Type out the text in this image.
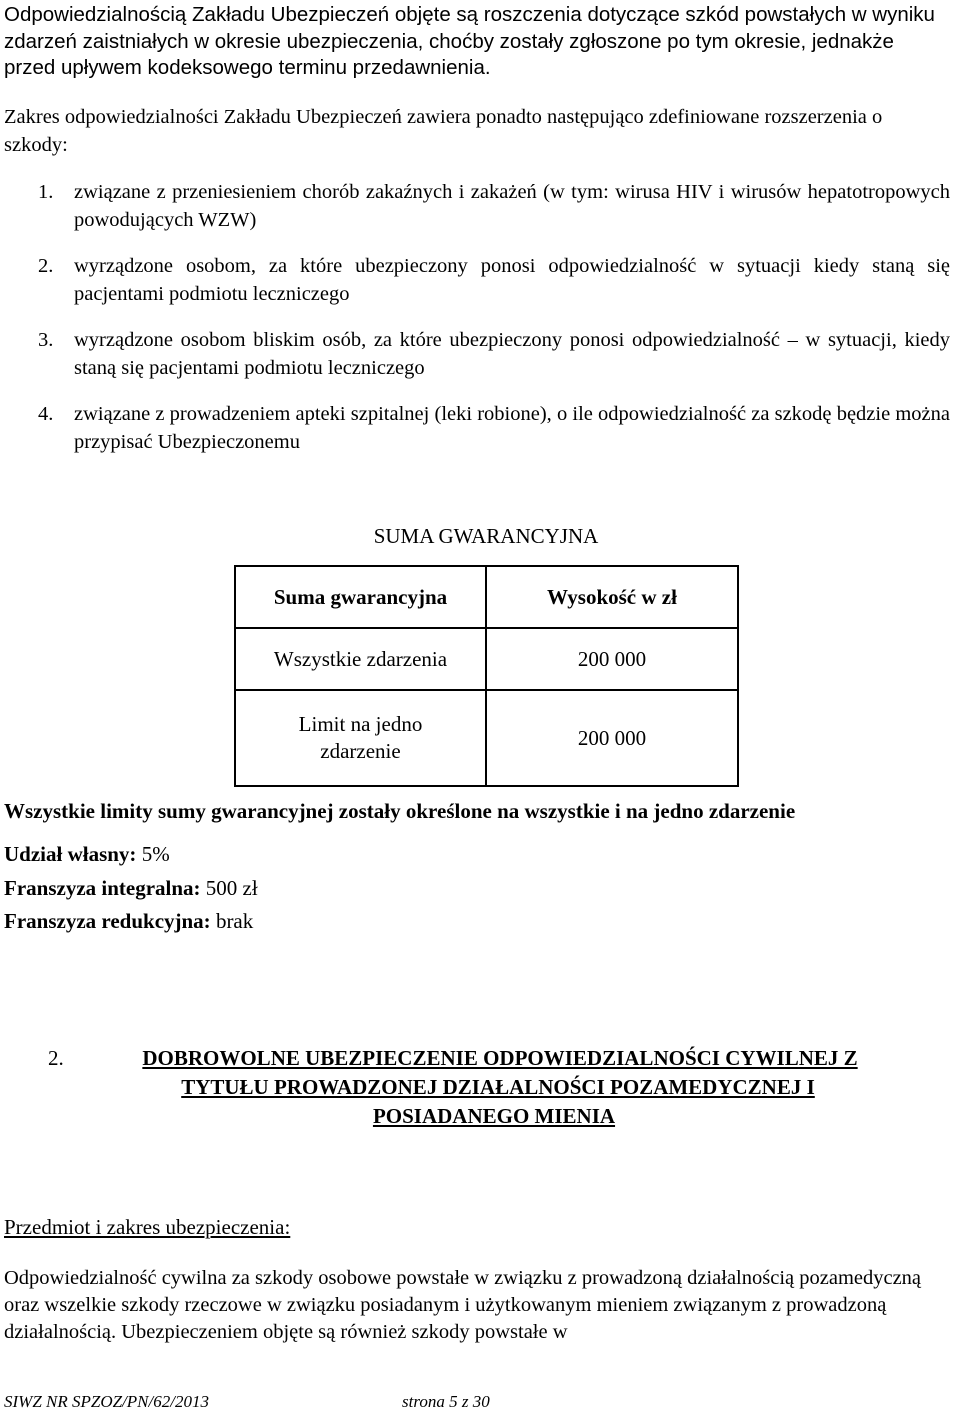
Odpowiedzialnością Zakładu Ubezpieczeń objęte są roszczenia dotyczące szkód powstałych w wyniku zdarzeń zaistniałych w okresie ubezpieczenia, choćby zostały zgłoszone po tym okresie, jednakże przed upływem kodeksowego terminu przedawnienia.
Zakres odpowiedzialności Zakładu Ubezpieczeń zawiera ponadto następująco zdefiniowane rozszerzenia o szkody:
1. związane z przeniesieniem chorób zakaźnych i zakażeń (w tym: wirusa HIV i wirusów hepatotropowych powodujących WZW)
2. wyrządzone osobom, za które ubezpieczony ponosi odpowiedzialność w sytuacji kiedy staną się pacjentami podmiotu leczniczego
3. wyrządzone osobom bliskim osób, za które ubezpieczony ponosi odpowiedzialność – w sytuacji, kiedy staną się pacjentami podmiotu leczniczego
4. związane z prowadzeniem apteki szpitalnej (leki robione), o ile odpowiedzialność za szkodę będzie można przypisać Ubezpieczonemu
SUMA GWARANCYJNA
Suma gwarancyjna	Wysokość w zł
Wszystkie zdarzenia	200 000

Limit na jedno zdarzenie	200 000
Wszystkie limity sumy gwarancyjnej zostały określone na wszystkie i na jedno zdarzenie
Udział własny: 5%
Franszyza integralna: 500 zł
Franszyza redukcyjna: brak
2.	DOBROWOLNE UBEZPIECZENIE ODPOWIEDZIALNOŚCI CYWILNEJ Z
TYTUŁU PROWADZONEJ DZIAŁALNOŚCI POZAMEDYCZNEJ I
POSIADANEGO MIENIA
Przedmiot i zakres ubezpieczenia:
Odpowiedzialność cywilna za szkody osobowe powstałe w związku z prowadzoną działalnością pozamedyczną oraz wszelkie szkody rzeczowe w związku posiadanym i użytkowanym mieniem związanym z prowadzoną działalnością. Ubezpieczeniem objęte są również szkody powstałe w
SIWZ NR SPZOZ/PN/62/2013	strona 5 z 30
